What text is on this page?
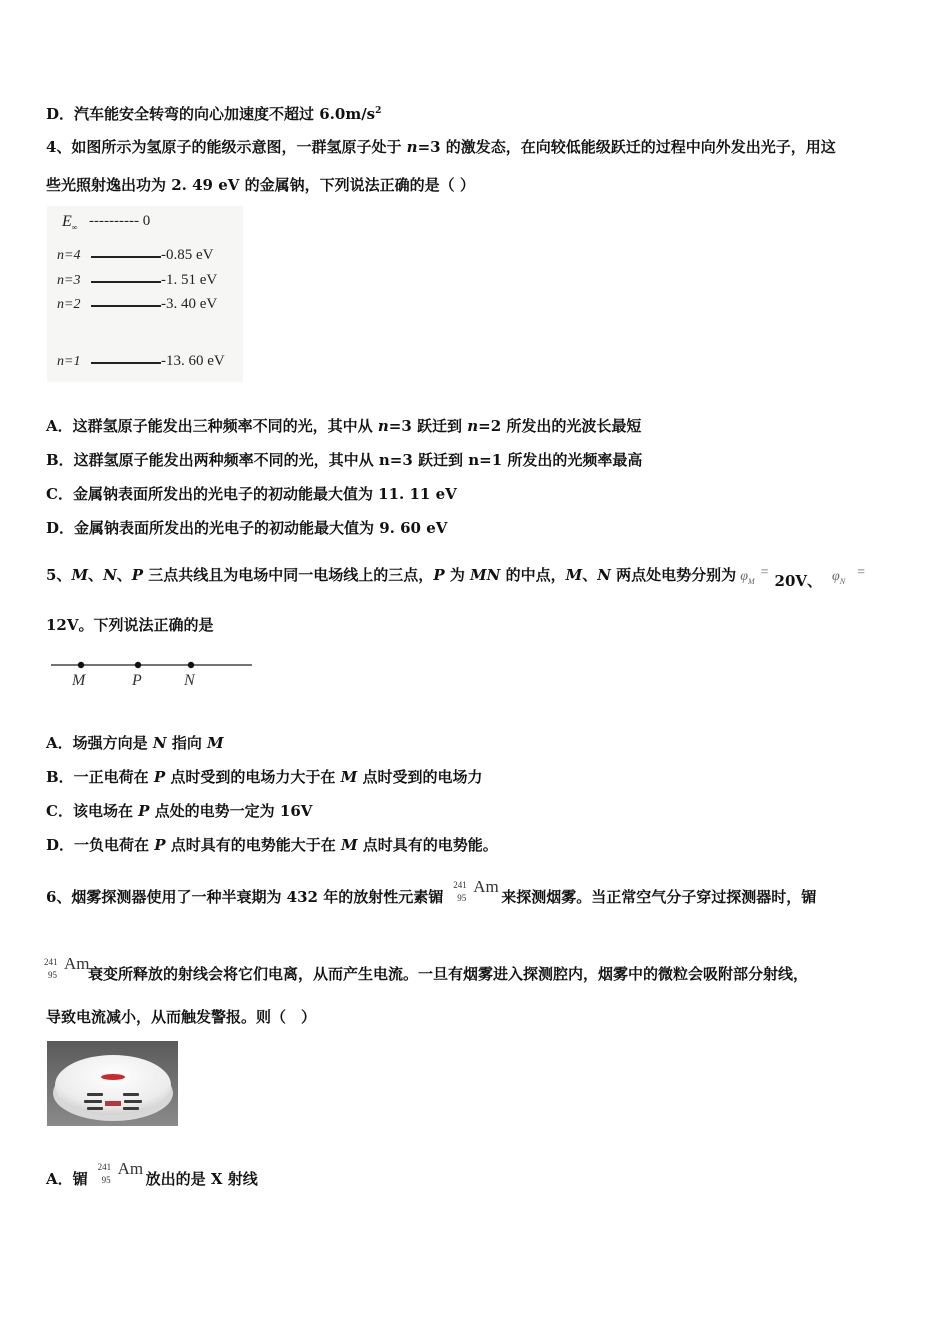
D．汽车能安全转弯的向心加速度不超过 $6.0m/s^2$
4、如图所示为氢原子的能级示意图，一群氢原子处于 n=3 的激发态，在向较低能级跃迁的过程中向外发出光子，用这
些光照射逸出功为 2. 49 eV 的金属钠，下列说法正确的是（ ）
$E_\infty$ ---------- 0
n=4	-0.85 eV
n=3	-1. 51 eV
n=2	-3. 40 eV
n=1	-13. 60 eV
A．这群氢原子能发出三种频率不同的光，其中从 n=3 跃迁到 n=2 所发出的光波长最短
B．这群氢原子能发出两种频率不同的光，其中从 n=3 跃迁到 n=1 所发出的光频率最高
C．金属钠表面所发出的光电子的初动能最大值为 11. 11 eV
D．金属钠表面所发出的光电子的初动能最大值为 9. 60 eV
5、M、N、P 三点共线且为电场中同一电场线上的三点，P 为 MN 的中点，M、N 两点处电势分别为 $\varphi_M= 20V$、 $\varphi_N=$
12V。下列说法正确的是
M	P	N
A．场强方向是 N 指向 M
B．一正电荷在 P 点时受到的电场力大于在 M 点时受到的电场力
C．该电场在 P 点处的电势一定为 16V
D．一负电荷在 P 点时具有的电势能大于在 M 点时具有的电势能。
6、烟雾探测器使用了一种半衰期为 432 年的放射性元素镅
241
95
Am
来探测烟雾。当正常空气分子穿过探测器时，镅
241
95
Am
衰变所释放的射线会将它们电离，从而产生电流。一旦有烟雾进入探测腔内，烟雾中的微粒会吸附部分射线，
导致电流减小，从而触发警报。则（　）
A．镅
241
95
Am
放出的是 X 射线
